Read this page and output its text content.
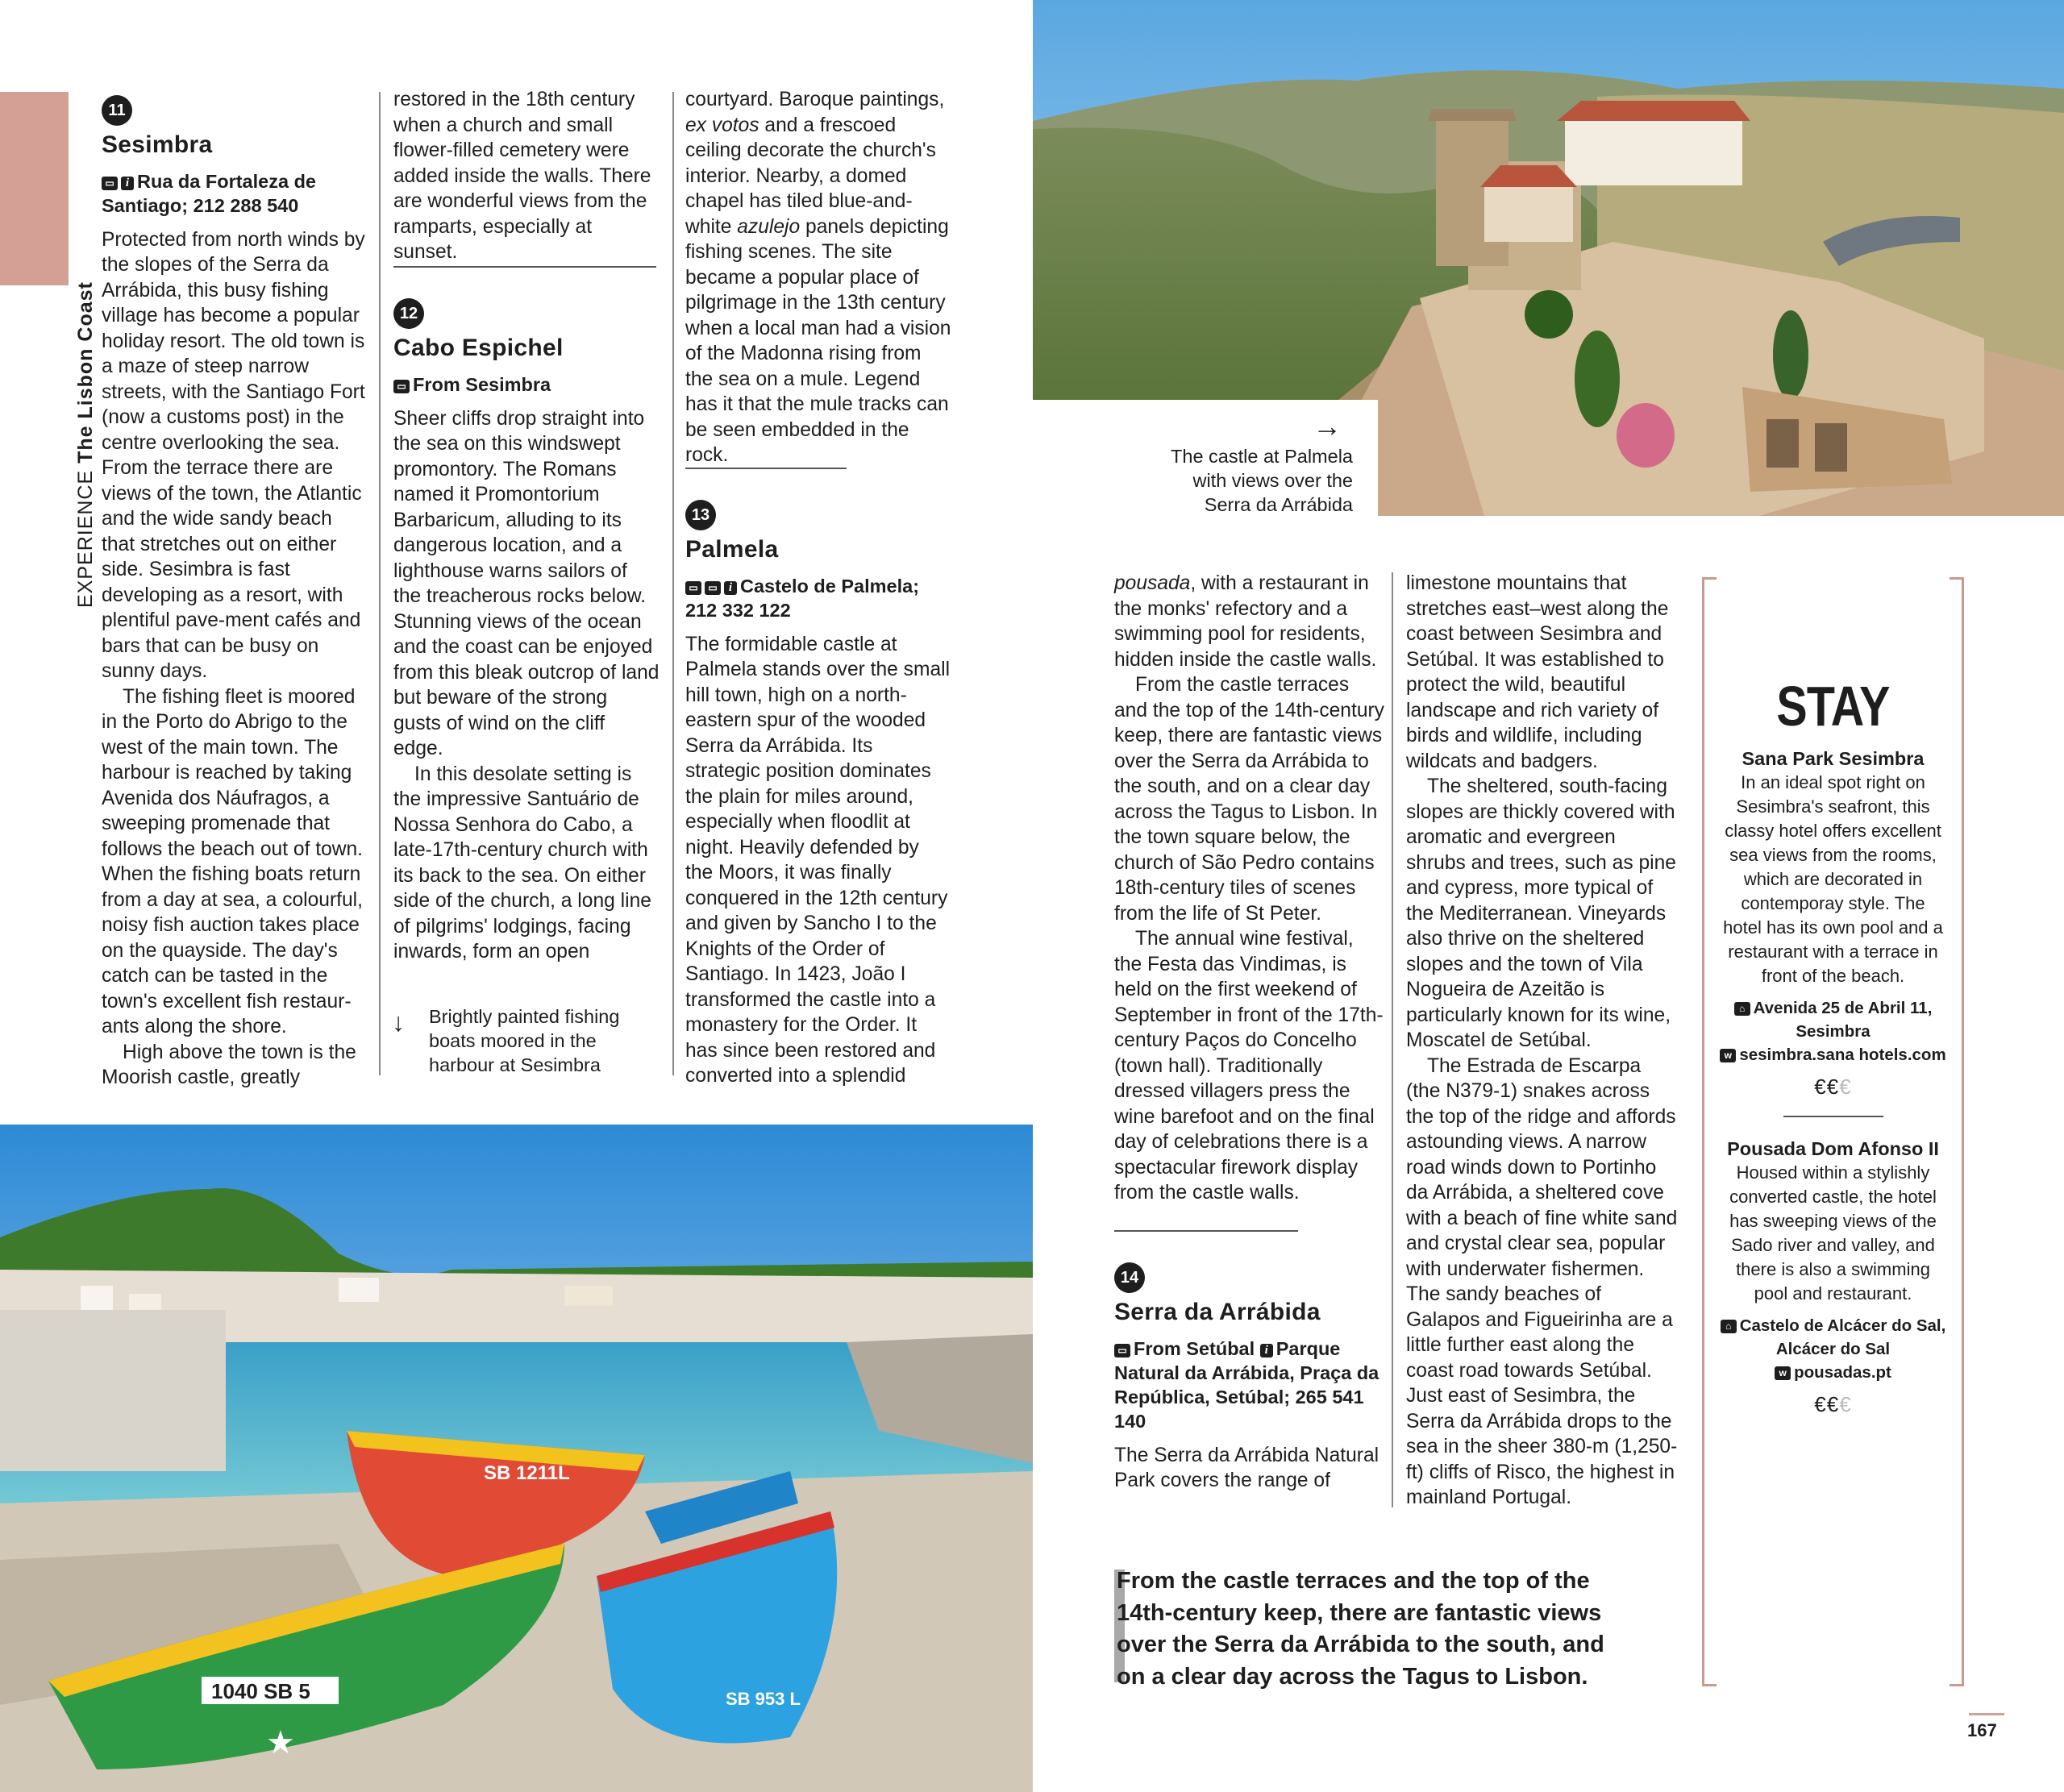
EXPERIENCE The Lisbon Coast
11
Sesimbra
▭ i Rua da Fortaleza de Santiago; 212 288 540

Protected from north winds by the slopes of the Serra da Arrábida, this busy fishing village has become a popular holiday resort. The old town is a maze of steep narrow streets, with the Santiago Fort (now a customs post) in the centre overlooking the sea. From the terrace there are views of the town, the Atlantic and the wide sandy beach that stretches out on either side. Sesimbra is fast developing as a resort, with plentiful pave-ment cafés and bars that can be busy on sunny days.

The fishing fleet is moored in the Porto do Abrigo to the west of the main town. The harbour is reached by taking Avenida dos Náufragos, a sweeping promenade that follows the beach out of town. When the fishing boats return from a day at sea, a colourful, noisy fish auction takes place on the quayside. The day's catch can be tasted in the town's excellent fish restaur-ants along the shore.

High above the town is the Moorish castle, greatly

restored in the 18th century when a church and small flower-filled cemetery were added inside the walls. There are wonderful views from the ramparts, especially at sunset.

12
Cabo Espichel
▭ From Sesimbra

Sheer cliffs drop straight into the sea on this windswept promontory. The Romans named it Promontorium Barbaricum, alluding to its dangerous location, and a lighthouse warns sailors of the treacherous rocks below. Stunning views of the ocean and the coast can be enjoyed from this bleak outcrop of land but beware of the strong gusts of wind on the cliff edge.

In this desolate setting is the impressive Santuário de Nossa Senhora do Cabo, a late-17th-century church with its back to the sea. On either side of the church, a long line of pilgrims' lodgings, facing inwards, form an open

↓ Brightly painted fishing boats moored in the harbour at Sesimbra

courtyard. Baroque paintings, ex votos and a frescoed ceiling decorate the church's interior. Nearby, a domed chapel has tiled blue-and-white azulejo panels depicting fishing scenes. The site became a popular place of pilgrimage in the 13th century when a local man had a vision of the Madonna rising from the sea on a mule. Legend has it that the mule tracks can be seen embedded in the rock.

13
Palmela
▭ ▭ i Castelo de Palmela; 212 332 122

The formidable castle at Palmela stands over the small hill town, high on a north-eastern spur of the wooded Serra da Arrábida. Its strategic position dominates the plain for miles around, especially when floodlit at night. Heavily defended by the Moors, it was finally conquered in the 12th century and given by Sancho I to the Knights of the Order of Santiago. In 1423, João I transformed the castle into a monastery for the Order. It has since been restored and converted into a splendid

→
The castle at Palmela with views over the Serra da Arrábida

pousada, with a restaurant in the monks' refectory and a swimming pool for residents, hidden inside the castle walls.

From the castle terraces and the top of the 14th-century keep, there are fantastic views over the Serra da Arrábida to the south, and on a clear day across the Tagus to Lisbon. In the town square below, the church of São Pedro contains 18th-century tiles of scenes from the life of St Peter.

The annual wine festival, the Festa das Vindimas, is held on the first weekend of September in front of the 17th-century Paços do Concelho (town hall). Traditionally dressed villagers press the wine barefoot and on the final day of celebrations there is a spectacular firework display from the castle walls.

14
Serra da Arrábida
▭ From Setúbal i Parque Natural da Arrábida, Praça da República, Setúbal; 265 541 140

The Serra da Arrábida Natural Park covers the range of

limestone mountains that stretches east–west along the coast between Sesimbra and Setúbal. It was established to protect the wild, beautiful landscape and rich variety of birds and wildlife, including wildcats and badgers.

The sheltered, south-facing slopes are thickly covered with aromatic and evergreen shrubs and trees, such as pine and cypress, more typical of the Mediterranean. Vineyards also thrive on the sheltered slopes and the town of Vila Nogueira de Azeitão is particularly known for its wine, Moscatel de Setúbal.

The Estrada de Escarpa (the N379-1) snakes across the top of the ridge and affords astounding views. A narrow road winds down to Portinho da Arrábida, a sheltered cove with a beach of fine white sand and crystal clear sea, popular with underwater fishermen. The sandy beaches of Galapos and Figueirinha are a little further east along the coast road towards Setúbal. Just east of Sesimbra, the Serra da Arrábida drops to the sea in the sheer 380-m (1,250-ft) cliffs of Risco, the highest in mainland Portugal.

STAY
Sana Park Sesimbra
In an ideal spot right on Sesimbra's seafront, this classy hotel offers excellent sea views from the rooms, which are decorated in contemporay style. The hotel has its own pool and a restaurant with a terrace in front of the beach.
⌂ Avenida 25 de Abril 11, Sesimbra
w sesimbra.sana hotels.com
€€€
Pousada Dom Afonso II
Housed within a stylishly converted castle, the hotel has sweeping views of the Sado river and valley, and there is also a swimming pool and restaurant.
⌂ Castelo de Alcácer do Sal, Alcácer do Sal
w pousadas.pt
€€€
SB 1211L
1040 SB 5
★
SB 953 L
From the castle terraces and the top of the 14th-century keep, there are fantastic views over the Serra da Arrábida to the south, and on a clear day across the Tagus to Lisbon.
167
